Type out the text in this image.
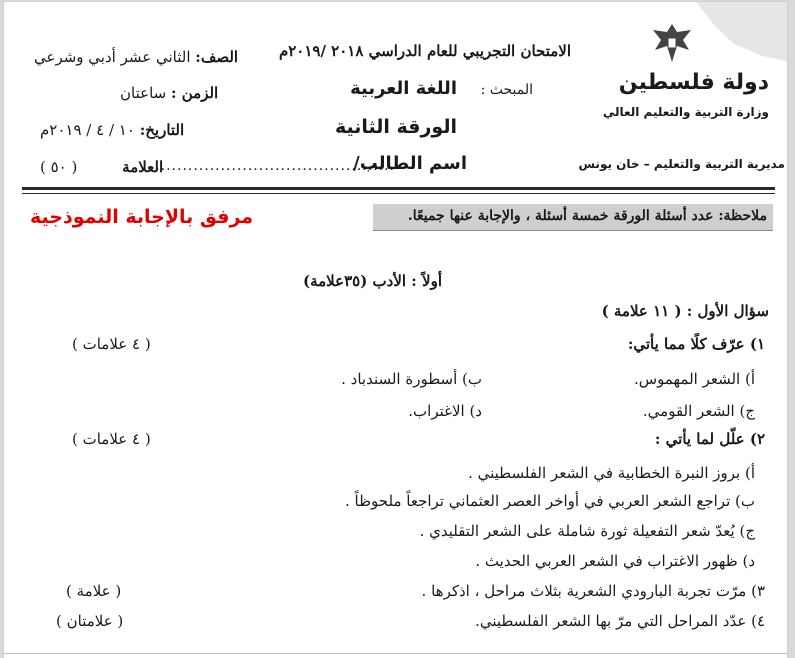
دولة فلسطين
وزارة التربية والتعليم العالي
مديرية التربية والتعليم – خان يونس
الامتحان التجريبي للعام الدراسي ٢٠١٨ /٢٠١٩م
المبحث :
اللغة العربية
الورقة الثانية
اسم الطالب/
............................................
الصف: الثاني عشر أدبي وشرعي
الزمن : ساعتان
التاريخ: ١٠ / ٤ / ٢٠١٩م
العلامة ( ٥٠ )
ملاحظة: عدد أسئلة الورقة خمسة أسئلة ، والإجابة عنها جميعًا.
مرفق بالإجابة النموذجية
أولاً : الأدب (٣٥علامة)
سؤال الأول : ( ١١ علامة )
١) عرّف كلًا مما يأتي:
( ٤ علامات )
أ) الشعر المهموس.
ب) أسطورة السندباد .
ج) الشعر القومي.
د) الاغتراب.
٢) علّل لما يأتي :
( ٤ علامات )
أ) بروز النبرة الخطابية في الشعر الفلسطيني .
ب) تراجع الشعر العربي في أواخر العصر العثماني تراجعاً ملحوظاً .
ج) يُعدّ شعر التفعيلة ثورة شاملة على الشعر التقليدي .
د) ظهور الاغتراب في الشعر العربي الحديث .
٣) مرّت تجربة البارودي الشعرية بثلاث مراحل ، اذكرها .
( علامة )
٤) عدّد المراحل التي مرّ بها الشعر الفلسطيني.
( علامتان )
